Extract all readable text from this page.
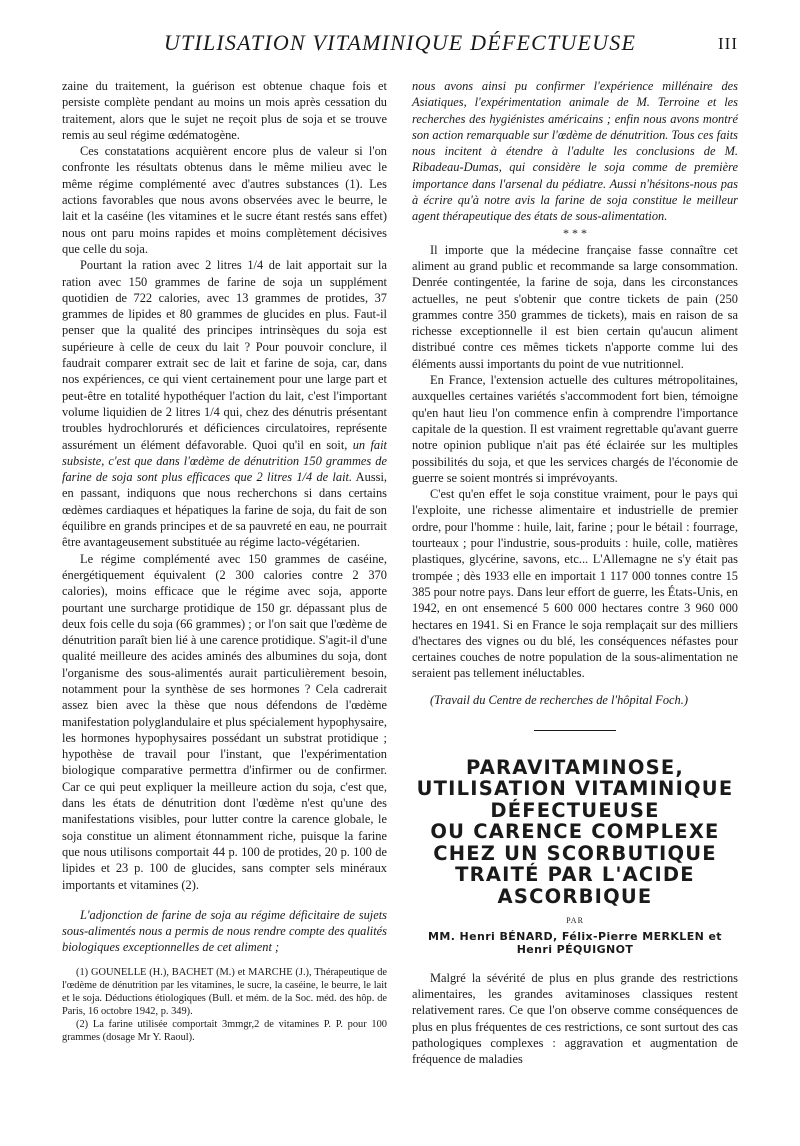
UTILISATION VITAMINIQUE DÉFECTUEUSE	III

zaine du traitement, la guérison est obtenue chaque fois et persiste complète pendant au moins un mois après cessation du traitement, alors que le sujet ne reçoit plus de soja et se trouve remis au seul régime œdématogène.

Ces constatations acquièrent encore plus de valeur si l'on confronte les résultats obtenus dans le même milieu avec le même régime complémenté avec d'autres substances (1). Les actions favorables que nous avons observées avec le beurre, le lait et la caséine (les vitamines et le sucre étant restés sans effet) nous ont paru moins rapides et moins complètement décisives que celle du soja.

Pourtant la ration avec 2 litres 1/4 de lait apportait sur la ration avec 150 grammes de farine de soja un supplément quotidien de 722 calories, avec 13 grammes de protides, 37 grammes de lipides et 80 grammes de glucides en plus. Faut-il penser que la qualité des principes intrinsèques du soja est supérieure à celle de ceux du lait ? Pour pouvoir conclure, il faudrait comparer extrait sec de lait et farine de soja, car, dans nos expériences, ce qui vient certainement pour une large part et peut-être en totalité hypothéquer l'action du lait, c'est l'important volume liquidien de 2 litres 1/4 qui, chez des dénutris présentant troubles hydrochlorurés et déficiences circulatoires, représente assurément un élément défavorable. Quoi qu'il en soit, un fait subsiste, c'est que dans l'œdème de dénutrition 150 grammes de farine de soja sont plus efficaces que 2 litres 1/4 de lait. Aussi, en passant, indiquons que nous recherchons si dans certains œdèmes cardiaques et hépatiques la farine de soja, du fait de son équilibre en grands principes et de sa pauvreté en eau, ne pourrait être avantageusement substituée au régime lacto-végétarien.

Le régime complémenté avec 150 grammes de caséine, énergétiquement équivalent (2 300 calories contre 2 370 calories), moins efficace que le régime avec soja, apporte pourtant une surcharge protidique de 150 gr. dépassant plus de deux fois celle du soja (66 grammes) ; or l'on sait que l'œdème de dénutrition paraît bien lié à une carence protidique. S'agit-il d'une qualité meilleure des acides aminés des albumines du soja, dont l'organisme des sous-alimentés aurait particulièrement besoin, notamment pour la synthèse de ses hormones ? Cela cadrerait assez bien avec la thèse que nous défendons de l'œdème manifestation polyglandulaire et plus spécialement hypophysaire, les hormones hypophysaires possédant un substrat protidique ; hypothèse de travail pour l'instant, que l'expérimentation biologique comparative permettra d'infirmer ou de confirmer. Car ce qui peut expliquer la meilleure action du soja, c'est que, dans les états de dénutrition dont l'œdème n'est qu'une des manifestations visibles, pour lutter contre la carence globale, le soja constitue un aliment étonnamment riche, puisque la farine que nous utilisons comportait 44 p. 100 de protides, 20 p. 100 de lipides et 23 p. 100 de glucides, sans compter sels minéraux importants et vitamines (2).

L'adjonction de farine de soja au régime déficitaire de sujets sous-alimentés nous a permis de nous rendre compte des qualités biologiques exceptionnelles de cet aliment ;

(1) GOUNELLE (H.), BACHET (M.) et MARCHE (J.), Thérapeutique de l'œdème de dénutrition par les vitamines, le sucre, la caséine, le beurre, le lait et le soja. Déductions étiologiques (Bull. et mém. de la Soc. méd. des hôp. de Paris, 16 octobre 1942, p. 349).

(2) La farine utilisée comportait 3mmgr,2 de vitamines P. P. pour 100 grammes (dosage Mr Y. Raoul).

nous avons ainsi pu confirmer l'expérience millénaire des Asiatiques, l'expérimentation animale de M. Terroine et les recherches des hygiénistes américains ; enfin nous avons montré son action remarquable sur l'œdème de dénutrition. Tous ces faits nous incitent à étendre à l'adulte les conclusions de M. Ribadeau-Dumas, qui considère le soja comme de première importance dans l'arsenal du pédiatre. Aussi n'hésitons-nous pas à écrire qu'à notre avis la farine de soja constitue le meilleur agent thérapeutique des états de sous-alimentation.

* * *

Il importe que la médecine française fasse connaître cet aliment au grand public et recommande sa large consommation. Denrée contingentée, la farine de soja, dans les circonstances actuelles, ne peut s'obtenir que contre tickets de pain (250 grammes contre 350 grammes de tickets), mais en raison de sa richesse exceptionnelle il est bien certain qu'aucun aliment distribué contre ces mêmes tickets n'apporte comme lui des éléments aussi importants du point de vue nutritionnel.

En France, l'extension actuelle des cultures métropolitaines, auxquelles certaines variétés s'accommodent fort bien, témoigne qu'en haut lieu l'on commence enfin à comprendre l'importance capitale de la question. Il est vraiment regrettable qu'avant guerre notre opinion publique n'ait pas été éclairée sur les multiples possibilités du soja, et que les services chargés de l'économie de guerre se soient montrés si imprévoyants.

C'est qu'en effet le soja constitue vraiment, pour le pays qui l'exploite, une richesse alimentaire et industrielle de premier ordre, pour l'homme : huile, lait, farine ; pour le bétail : fourrage, tourteaux ; pour l'industrie, sous-produits : huile, colle, matières plastiques, glycérine, savons, etc... L'Allemagne ne s'y était pas trompée ; dès 1933 elle en importait 1 117 000 tonnes contre 15 385 pour notre pays. Dans leur effort de guerre, les États-Unis, en 1942, en ont ensemencé 5 600 000 hectares contre 3 960 000 hectares en 1941. Si en France le soja remplaçait sur des milliers d'hectares des vignes ou du blé, les conséquences néfastes pour certaines couches de notre population de la sous-alimentation ne seraient pas tellement inéluctables.

(Travail du Centre de recherches de l'hôpital Foch.)

PARAVITAMINOSE,

UTILISATION VITAMINIQUE

DÉFECTUEUSE

OU CARENCE COMPLEXE

CHEZ UN SCORBUTIQUE

TRAITÉ PAR L'ACIDE

ASCORBIQUE

PAR
MM. Henri BÉNARD, Félix-Pierre MERKLEN et
Henri PÉQUIGNOT

Malgré la sévérité de plus en plus grande des restrictions alimentaires, les grandes avitaminoses classiques restent relativement rares. Ce que l'on observe comme conséquences de plus en plus fréquentes de ces restrictions, ce sont surtout des cas pathologiques complexes : aggravation et augmentation de fréquence de maladies
